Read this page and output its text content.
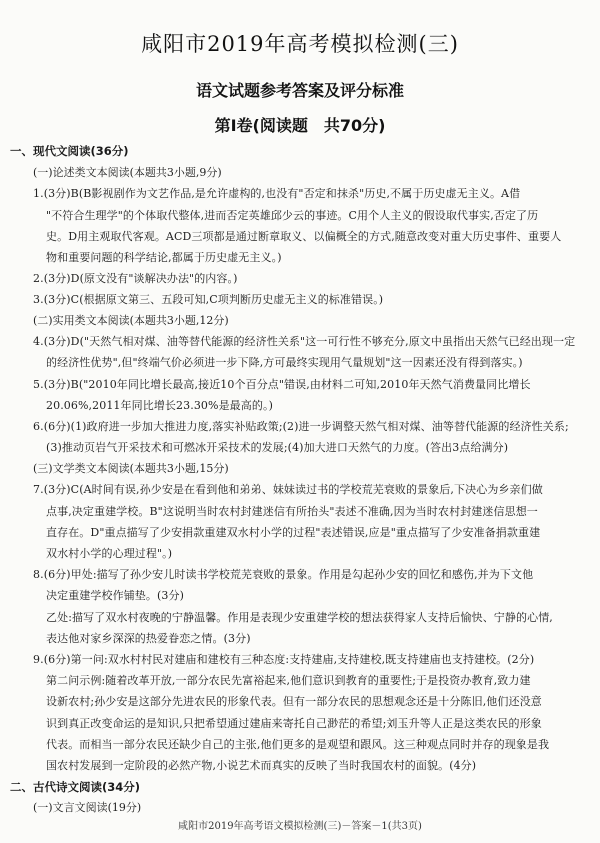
咸阳市2019年高考模拟检测(三)
语文试题参考答案及评分标准
第Ⅰ卷(阅读题　共70分)
一、现代文阅读(36分)
(一)论述类文本阅读(本题共3小题,9分)
1.(3分)B(B影视剧作为文艺作品,是允许虚构的,也没有"否定和抹杀"历史,不属于历史虚无主义。A借
"不符合生理学"的个体取代整体,进而否定英雄邱少云的事迹。C用个人主义的假设取代事实,否定了历
史。D用主观取代客观。ACD三项都是通过断章取义、以偏概全的方式,随意改变对重大历史事件、重要人
物和重要问题的科学结论,都属于历史虚无主义。)
2.(3分)D(原文没有"谈解决办法"的内容。)
3.(3分)C(根据原文第三、五段可知,C项判断历史虚无主义的标准错误。)
(二)实用类文本阅读(本题共3小题,12分)
4.(3分)D("天然气相对煤、油等替代能源的经济性关系"这一可行性不够充分,原文中虽指出天然气已经出现一定
的经济性优势",但"终端气价必须进一步下降,方可最终实现用气量规划"这一因素还没有得到落实。)
5.(3分)B("2010年同比增长最高,接近10个百分点"错误,由材料二可知,2010年天然气消费量同比增长
20.06%,2011年同比增长23.30%是最高的。)
6.(6分)(1)政府进一步加大推进力度,落实补贴政策;(2)进一步调整天然气相对煤、油等替代能源的经济性关系;
(3)推动页岩气开采技术和可燃冰开采技术的发展;(4)加大进口天然气的力度。(答出3点给满分)
(三)文学类文本阅读(本题共3小题,15分)
7.(3分)C(A时间有误,孙少安是在看到他和弟弟、妹妹读过书的学校荒芜衰败的景象后,下决心为乡亲们做
点事,决定重建学校。B"这说明当时农村封建迷信有所抬头"表述不准确,因为当时农村封建迷信思想一
直存在。D"重点描写了少安捐款重建双水村小学的过程"表述错误,应是"重点描写了少安准备捐款重建
双水村小学的心理过程"。)
8.(6分)甲处:描写了孙少安儿时读书学校荒芜衰败的景象。作用是勾起孙少安的回忆和感伤,并为下文他
决定重建学校作铺垫。(3分)
乙处:描写了双水村夜晚的宁静温馨。作用是表现少安重建学校的想法获得家人支持后愉快、宁静的心情,
表达他对家乡深深的热爱眷恋之情。(3分)
9.(6分)第一问:双水村村民对建庙和建校有三种态度:支持建庙,支持建校,既支持建庙也支持建校。(2分)
第二问示例:随着改革开放,一部分农民先富裕起来,他们意识到教育的重要性;于是投资办教育,致力建
设新农村;孙少安是这部分先进农民的形象代表。但有一部分农民的思想观念还是十分陈旧,他们还没意
识到真正改变命运的是知识,只把希望通过建庙来寄托自己渺茫的希望;刘玉升等人正是这类农民的形象
代表。而相当一部分农民还缺少自己的主张,他们更多的是观望和跟风。这三种观点同时并存的现象是我
国农村发展到一定阶段的必然产物,小说艺术而真实的反映了当时我国农村的面貌。(4分)
二、古代诗文阅读(34分)
(一)文言文阅读(19分)
咸阳市2019年高考语文模拟检测(三)－答案－1(共3页)
